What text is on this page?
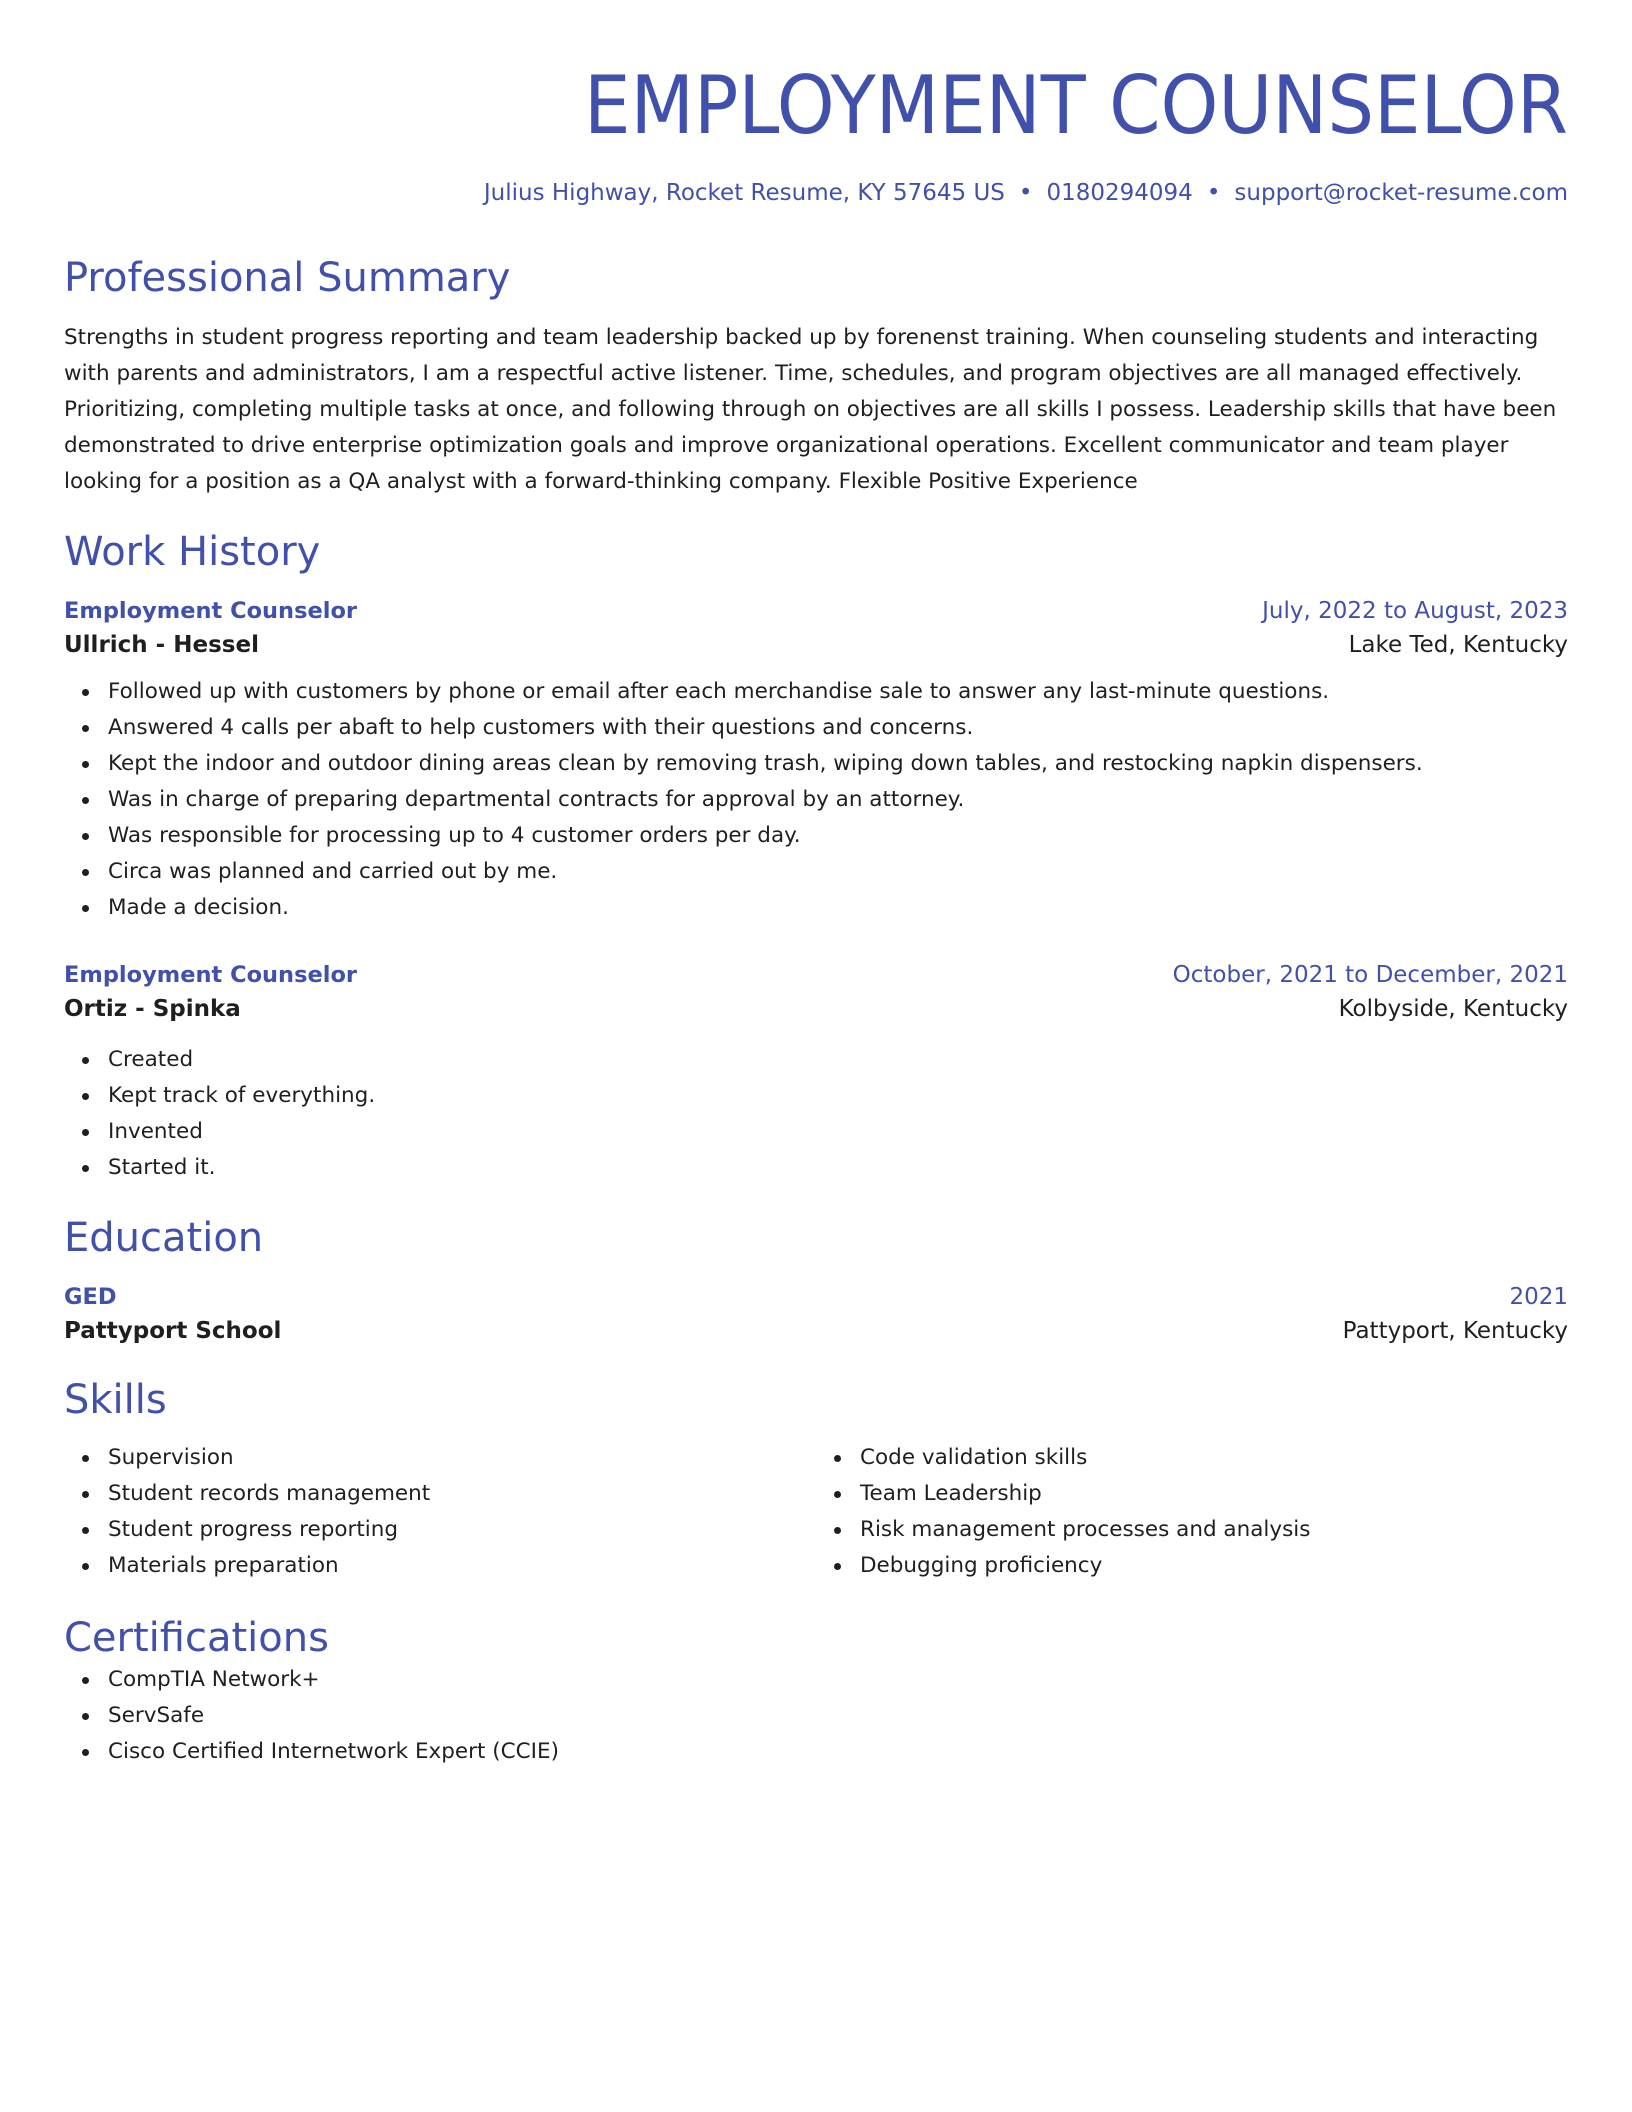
EMPLOYMENT COUNSELOR
Julius Highway, Rocket Resume, KY 57645 US • 0180294094 • support@rocket-resume.com
Professional Summary
Strengths in student progress reporting and team leadership backed up by forenenst training. When counseling students and interacting with parents and administrators, I am a respectful active listener. Time, schedules, and program objectives are all managed effectively. Prioritizing, completing multiple tasks at once, and following through on objectives are all skills I possess. Leadership skills that have been demonstrated to drive enterprise optimization goals and improve organizational operations. Excellent communicator and team player looking for a position as a QA analyst with a forward-thinking company. Flexible Positive Experience
Work History
Employment Counselor	July, 2022 to August, 2023
Ullrich - Hessel	Lake Ted, Kentucky
Followed up with customers by phone or email after each merchandise sale to answer any last-minute questions.
Answered 4 calls per abaft to help customers with their questions and concerns.
Kept the indoor and outdoor dining areas clean by removing trash, wiping down tables, and restocking napkin dispensers.
Was in charge of preparing departmental contracts for approval by an attorney.
Was responsible for processing up to 4 customer orders per day.
Circa was planned and carried out by me.
Made a decision.
Employment Counselor	October, 2021 to December, 2021
Ortiz - Spinka	Kolbyside, Kentucky
Created
Kept track of everything.
Invented
Started it.
Education
GED	2021
Pattyport School	Pattyport, Kentucky
Skills
Supervision
Student records management
Student progress reporting
Materials preparation
Code validation skills
Team Leadership
Risk management processes and analysis
Debugging proficiency
Certifications
CompTIA Network+
ServSafe
Cisco Certified Internetwork Expert (CCIE)
